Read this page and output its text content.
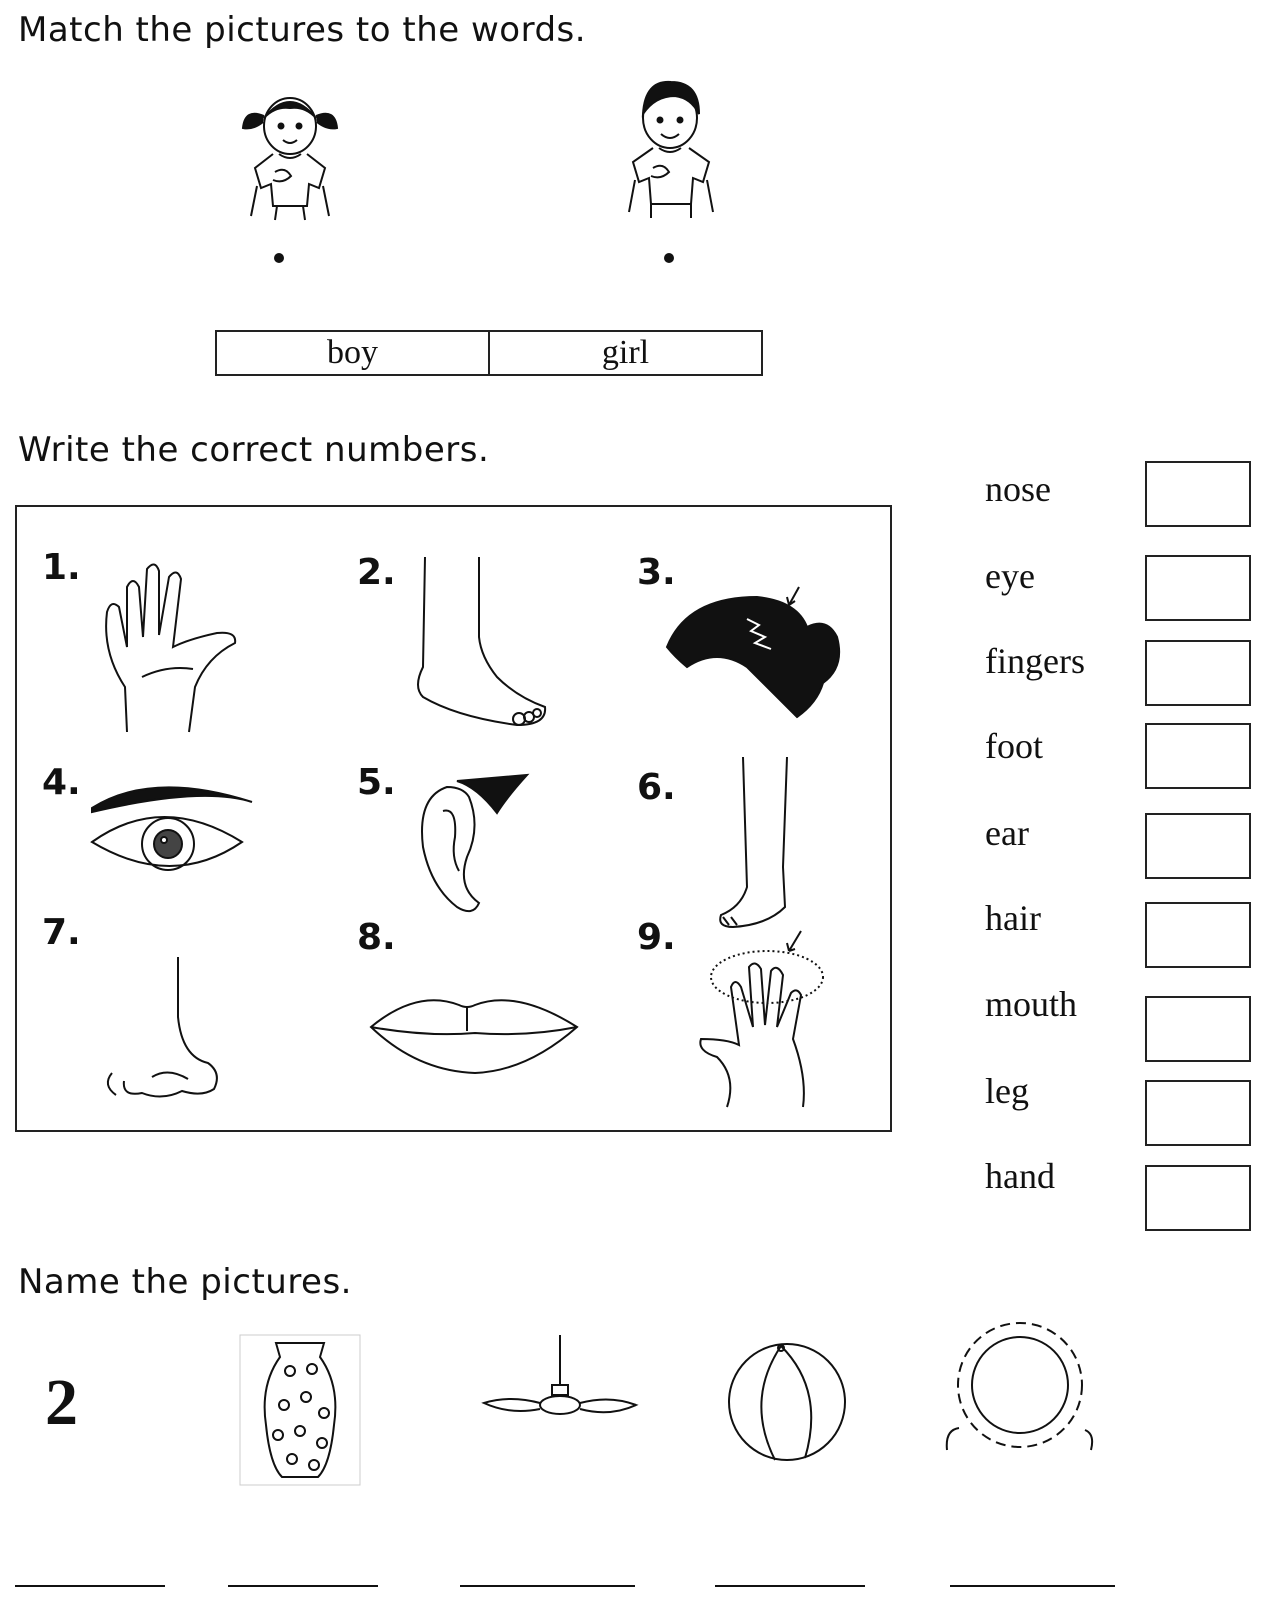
Match the pictures to the words.
boy	girl
Write the correct numbers.
1.	2.	3.
4.	5.	6.
7.	8.	9.
nose
eye
fingers
foot
ear
hair
mouth
leg
hand
Name the pictures.
2
